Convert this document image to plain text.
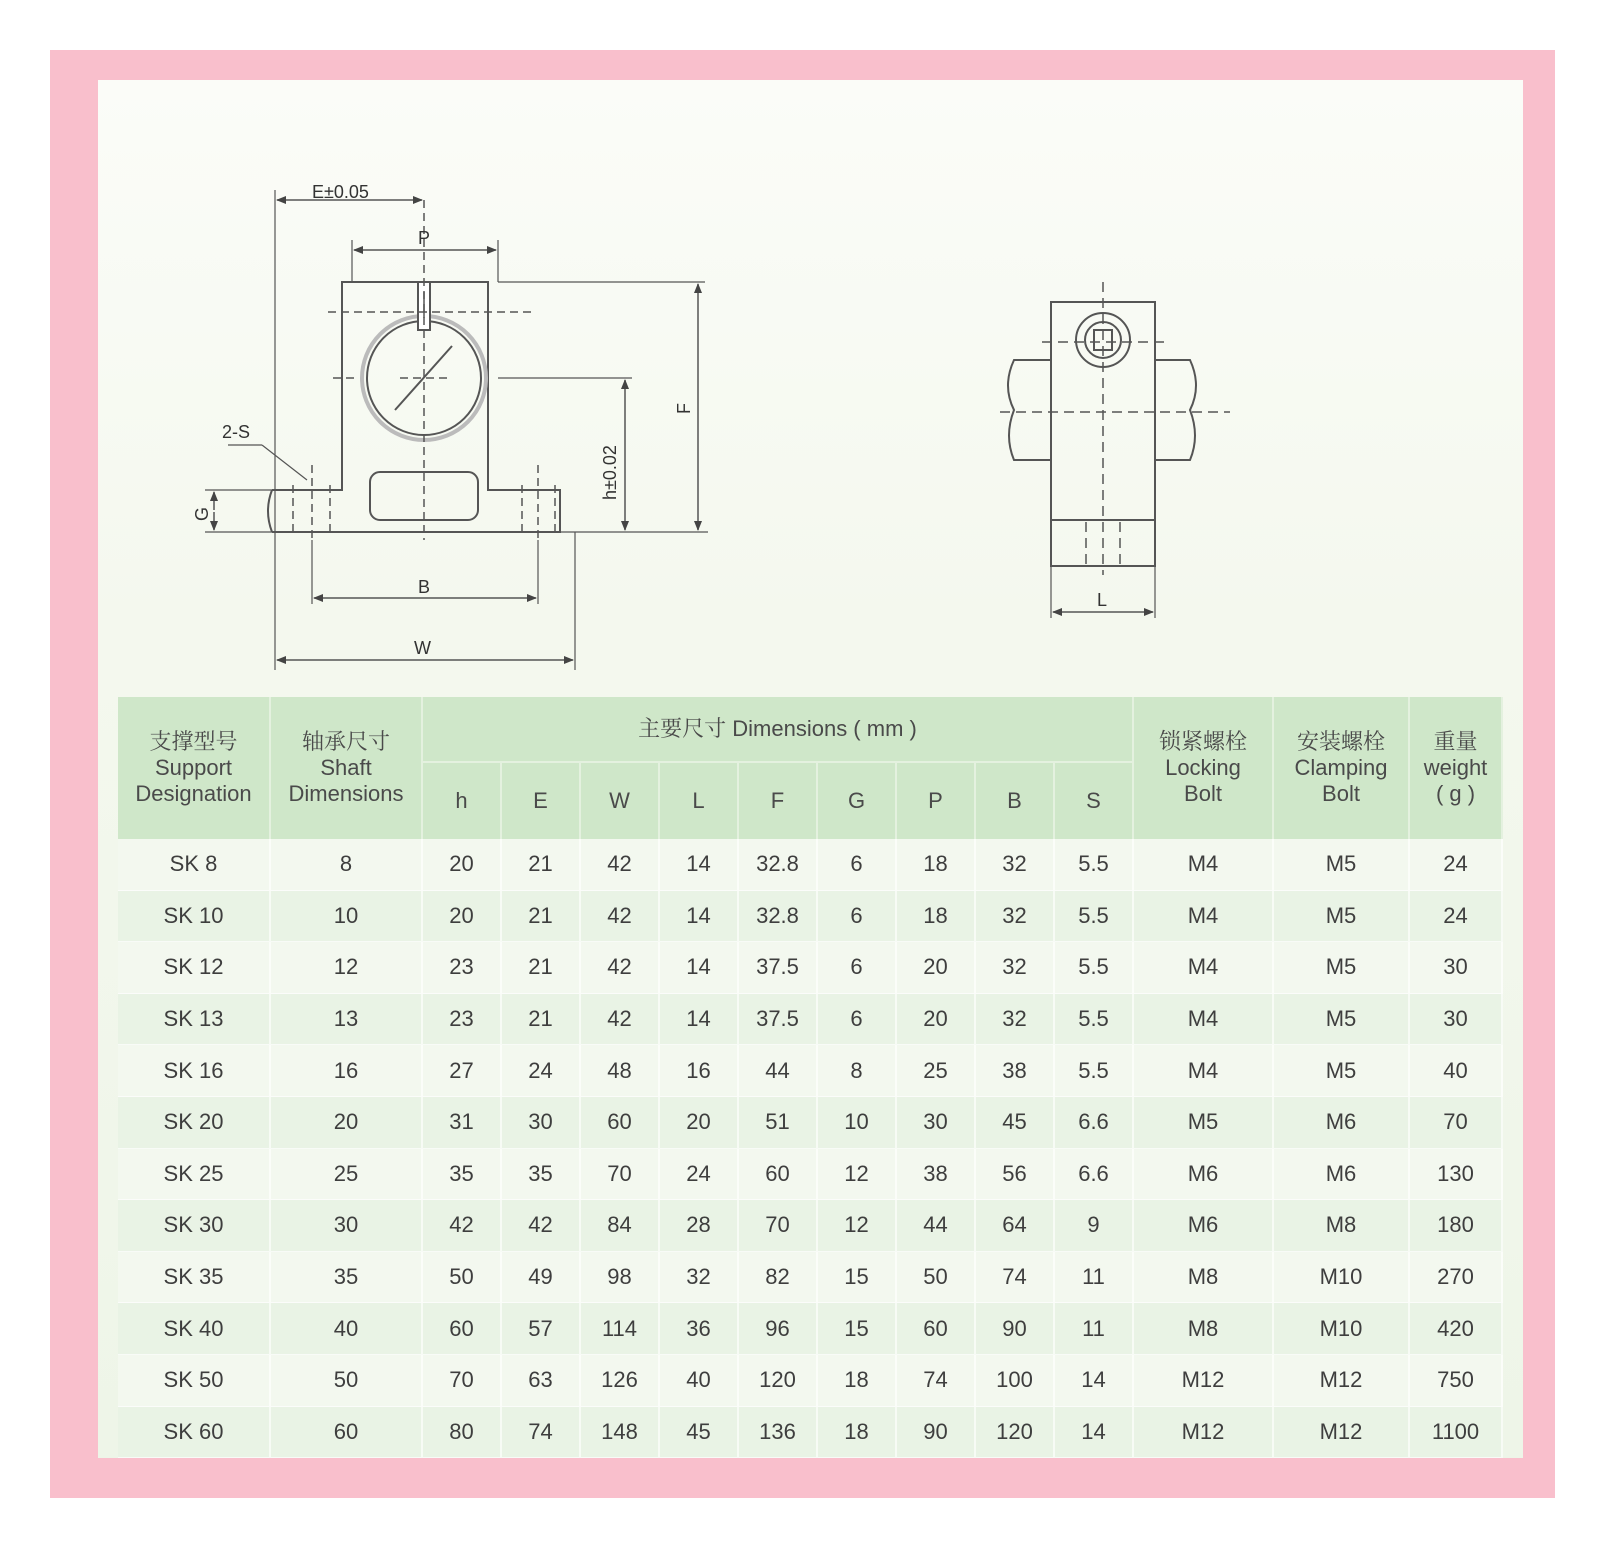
E±0.05
P
2-S
G
h±0.02
F
B
W
L
支撑型号
Support
Designation	轴承尺寸
Shaft
Dimensions	主要尺寸 Dimensions ( mm )									锁紧螺栓
Locking
Bolt	安装螺栓
Clamping
Bolt	重量
weight
( g )

		h	E	W	L	F	G	P	B	S			
SK 8	8	20	21	42	14	32.8	6	18	32	5.5	M4	M5	24
SK 10	10	20	21	42	14	32.8	6	18	32	5.5	M4	M5	24
SK 12	12	23	21	42	14	37.5	6	20	32	5.5	M4	M5	30
SK 13	13	23	21	42	14	37.5	6	20	32	5.5	M4	M5	30
SK 16	16	27	24	48	16	44	8	25	38	5.5	M4	M5	40
SK 20	20	31	30	60	20	51	10	30	45	6.6	M5	M6	70
SK 25	25	35	35	70	24	60	12	38	56	6.6	M6	M6	130
SK 30	30	42	42	84	28	70	12	44	64	9	M6	M8	180
SK 35	35	50	49	98	32	82	15	50	74	11	M8	M10	270
SK 40	40	60	57	114	36	96	15	60	90	11	M8	M10	420
SK 50	50	70	63	126	40	120	18	74	100	14	M12	M12	750
SK 60	60	80	74	148	45	136	18	90	120	14	M12	M12	1100
